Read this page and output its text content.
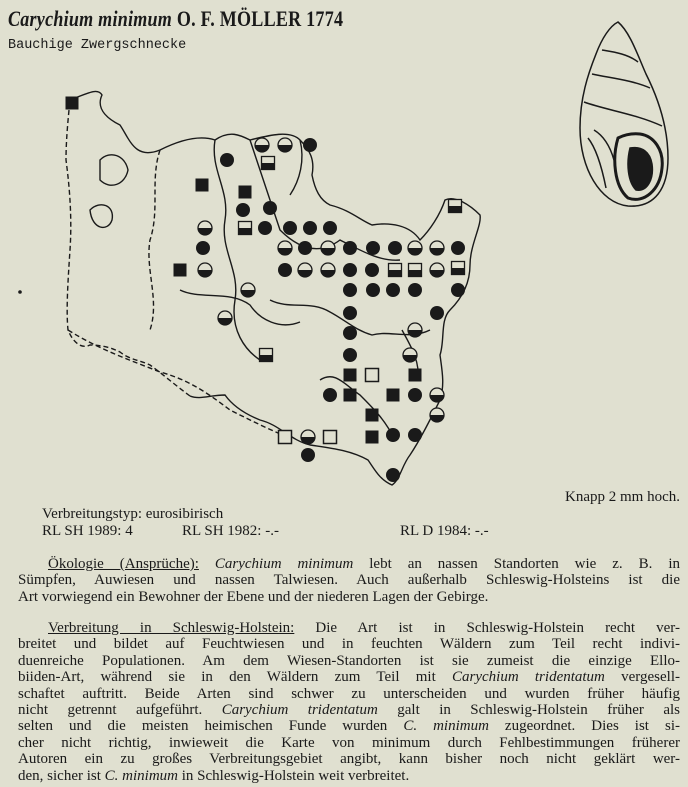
Carychium minimum O. F. MÖLLER 1774
Bauchige Zwergschnecke
Knapp 2 mm hoch.
Verbreitungstyp: eurosibirisch
RL SH 1989: 4	RL SH 1982: -.-	RL D 1984: -.-
Ökologie (Ansprüche): Carychium minimum lebt an nassen Standorten wie z. B. in
Sümpfen, Auwiesen und nassen Talwiesen. Auch außerhalb Schleswig-Holsteins ist die
Art vorwiegend ein Bewohner der Ebene und der niederen Lagen der Gebirge.
Verbreitung in Schleswig-Holstein: Die Art ist in Schleswig-Holstein recht ver-
breitet und bildet auf Feuchtwiesen und in feuchten Wäldern zum Teil recht indivi-
duenreiche Populationen. Am dem Wiesen-Standorten ist sie zumeist die einzige Ello-
biiden-Art, während sie in den Wäldern zum Teil mit Carychium tridentatum vergesell-
schaftet auftritt. Beide Arten sind schwer zu unterscheiden und wurden früher häufig
nicht getrennt aufgeführt. Carychium tridentatum galt in Schleswig-Holstein früher als
selten und die meisten heimischen Funde wurden C. minimum zugeordnet. Dies ist si-
cher nicht richtig, inwieweit die Karte von minimum durch Fehlbestimmungen früherer
Autoren ein zu großes Verbreitungsgebiet angibt, kann bisher noch nicht geklärt wer-
den, sicher ist C. minimum in Schleswig-Holstein weit verbreitet.
